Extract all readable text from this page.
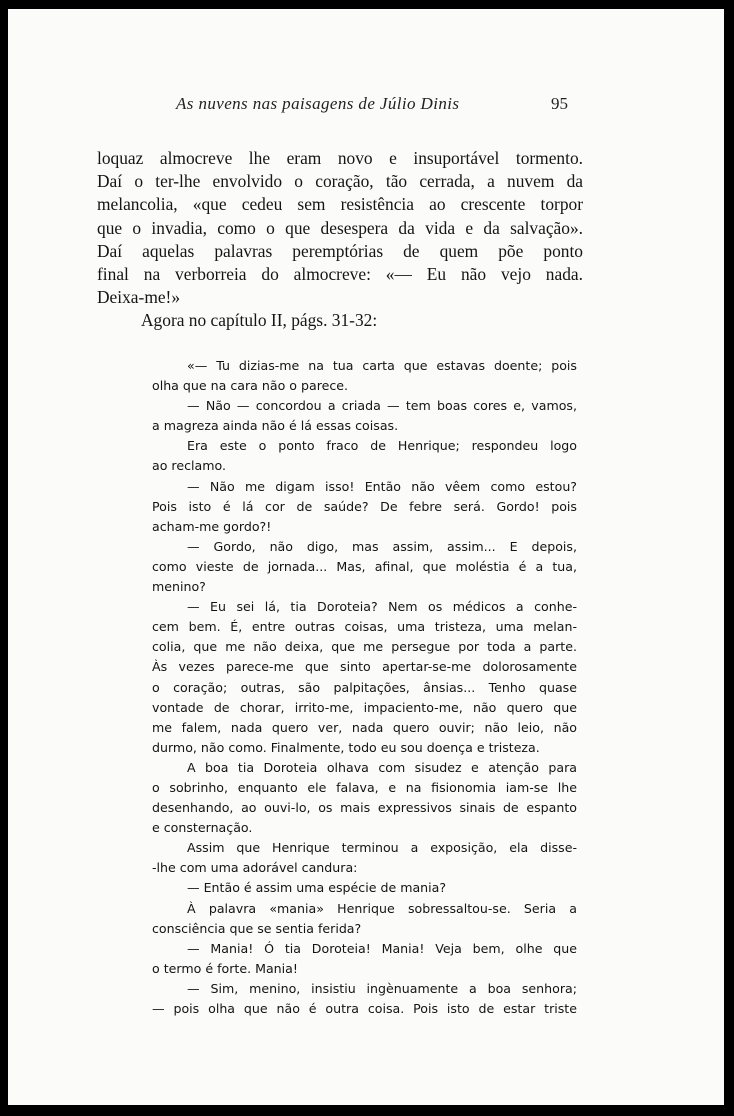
As nuvens nas paisagens de Júlio Dinis	95
loquaz almocreve lhe eram novo e insuportável tormento.
Daí o ter-lhe envolvido o coração, tão cerrada, a nuvem da
melancolia, «que cedeu sem resistência ao crescente torpor
que o invadia, como o que desespera da vida e da salvação».
Daí aquelas palavras peremptórias de quem põe ponto
final na verborreia do almocreve: «— Eu não vejo nada.
Deixa-me!»
Agora no capítulo II, págs. 31-32:
«— Tu dizias-me na tua carta que estavas doente; pois
olha que na cara não o parece.
— Não — concordou a criada — tem boas cores e, vamos,
a magreza ainda não é lá essas coisas.
Era este o ponto fraco de Henrique; respondeu logo
ao reclamo.
— Não me digam isso! Então não vêem como estou?
Pois isto é lá cor de saúde? De febre será. Gordo! pois
acham-me gordo?!
— Gordo, não digo, mas assim, assim... E depois,
como vieste de jornada... Mas, afinal, que moléstia é a tua,
menino?
— Eu sei lá, tia Doroteia? Nem os médicos a conhe-
cem bem. É, entre outras coisas, uma tristeza, uma melan-
colia, que me não deixa, que me persegue por toda a parte.
Às vezes parece-me que sinto apertar-se-me dolorosamente
o coração; outras, são palpitações, ânsias... Tenho quase
vontade de chorar, irrito-me, impaciento-me, não quero que
me falem, nada quero ver, nada quero ouvir; não leio, não
durmo, não como. Finalmente, todo eu sou doença e tristeza.
A boa tia Doroteia olhava com sisudez e atenção para
o sobrinho, enquanto ele falava, e na fisionomia iam-se lhe
desenhando, ao ouvi-lo, os mais expressivos sinais de espanto
e consternação.
Assim que Henrique terminou a exposição, ela disse-
-lhe com uma adorável candura:
— Então é assim uma espécie de mania?
À palavra «mania» Henrique sobressaltou-se. Seria a
consciência que se sentia ferida?
— Mania! Ó tia Doroteia! Mania! Veja bem, olhe que
o termo é forte. Mania!
— Sim, menino, insistiu ingènuamente a boa senhora;
— pois olha que não é outra coisa. Pois isto de estar triste
